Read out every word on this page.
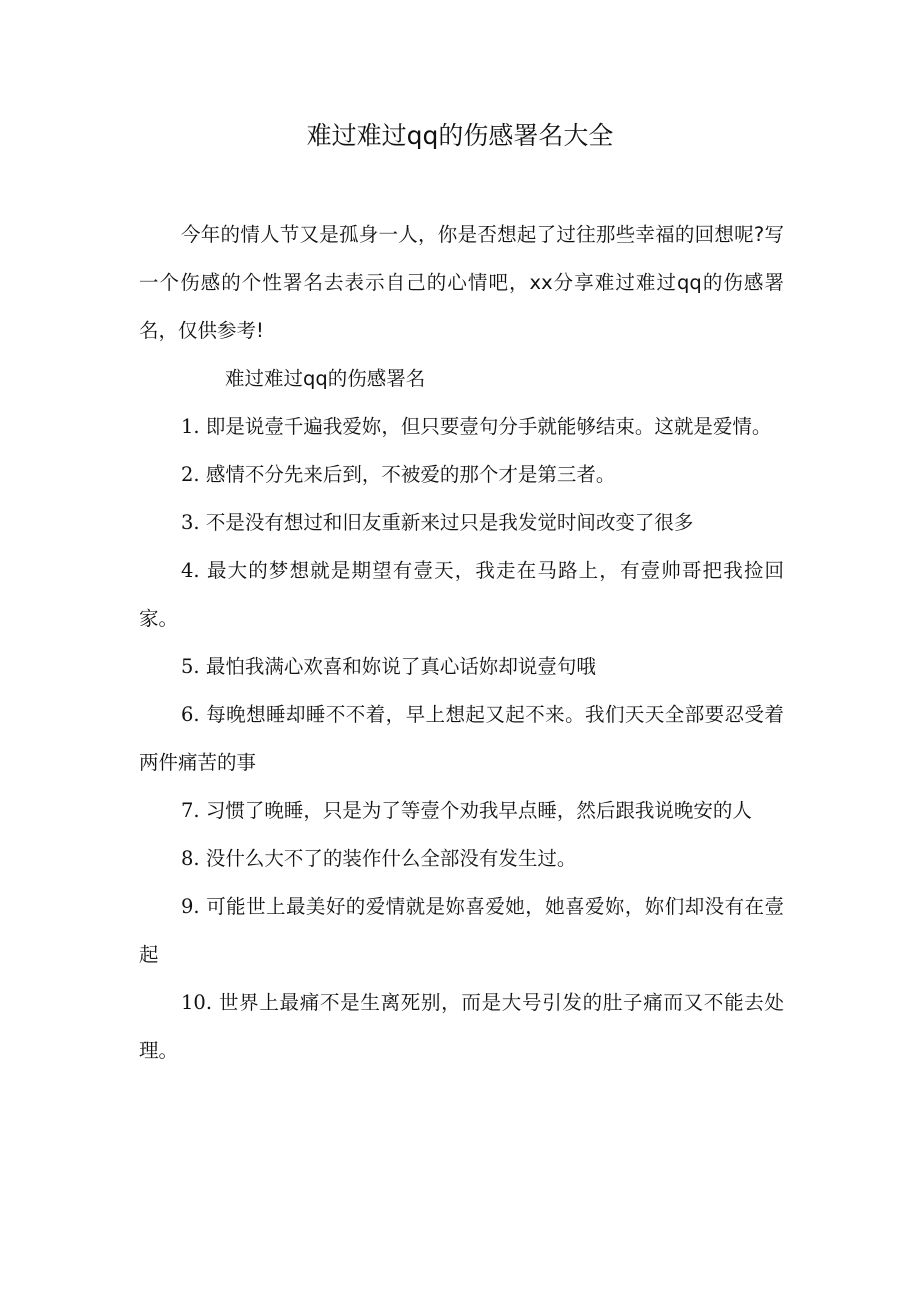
难过难过qq的伤感署名大全

今年的情人节又是孤身一人，你是否想起了过往那些幸福的回想呢?写一个伤感的个性署名去表示自己的心情吧，xx分享难过难过qq的伤感署名，仅供参考!

难过难过qq的伤感署名

1. 即是说壹千遍我爱妳，但只要壹句分手就能够结束。这就是爱情。

2. 感情不分先来后到，不被爱的那个才是第三者。

3. 不是没有想过和旧友重新来过只是我发觉时间改变了很多

4. 最大的梦想就是期望有壹天，我走在马路上，有壹帅哥把我捡回家。

5. 最怕我满心欢喜和妳说了真心话妳却说壹句哦

6. 每晚想睡却睡不不着，早上想起又起不来。我们天天全部要忍受着两件痛苦的事

7. 习惯了晚睡，只是为了等壹个劝我早点睡，然后跟我说晚安的人

8. 没什么大不了的装作什么全部没有发生过。

9. 可能世上最美好的爱情就是妳喜爱她，她喜爱妳，妳们却没有在壹起

10. 世界上最痛不是生离死别，而是大号引发的肚子痛而又不能去处理。
